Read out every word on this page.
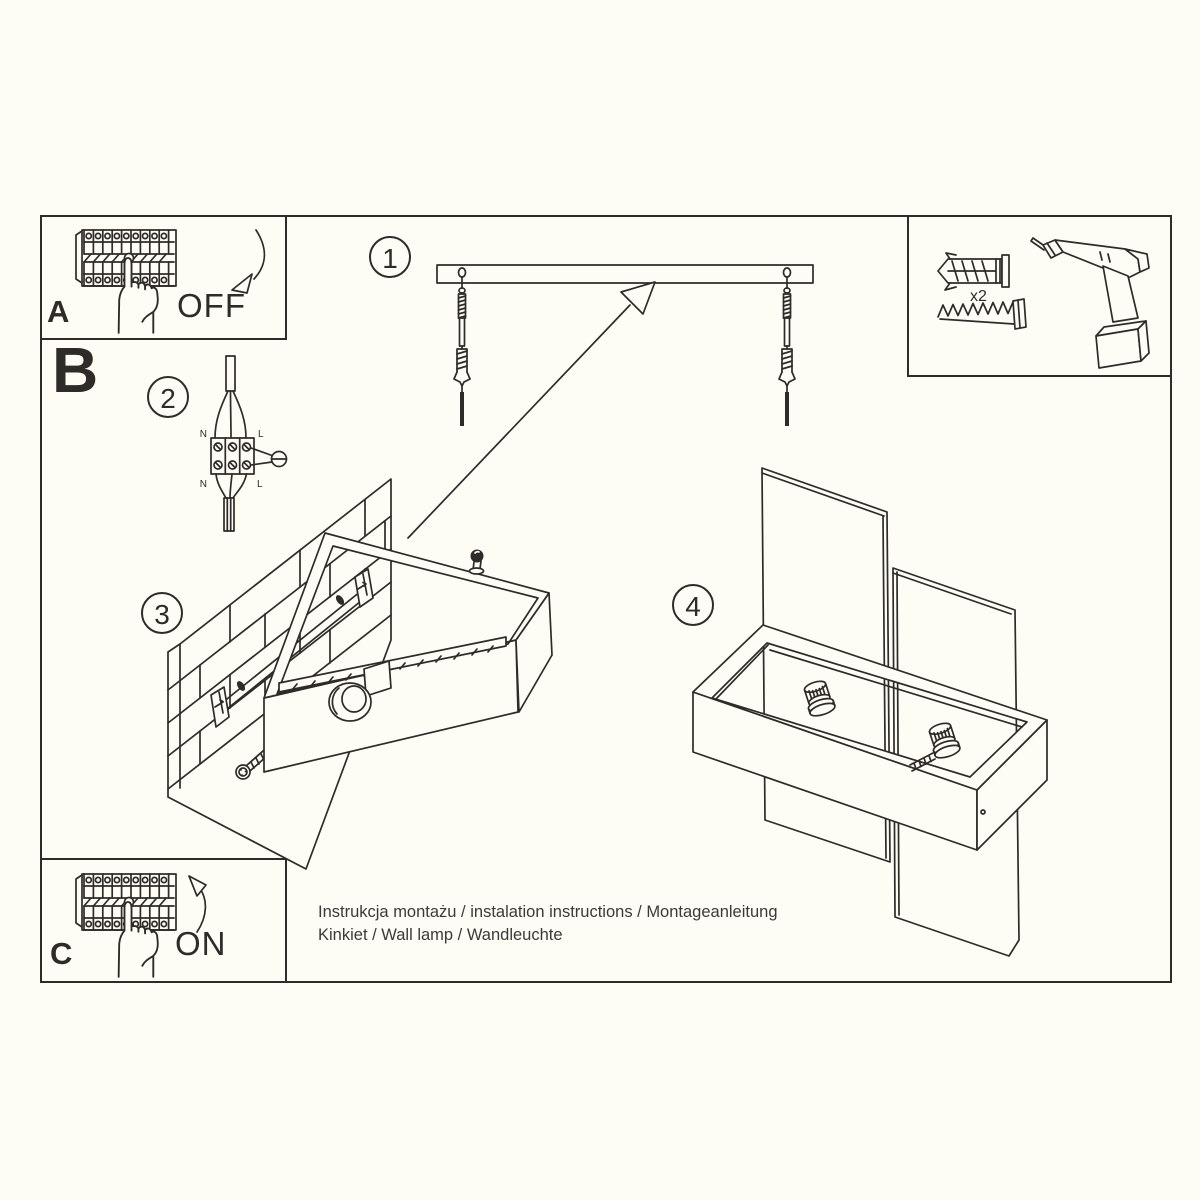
A	OFF
B
1
2
3	4
N	L
N	L
x2
C	ON

Instrukcja montażu / instalation instructions / Montageanleitung

Kinkiet / Wall lamp / Wandleuchte
